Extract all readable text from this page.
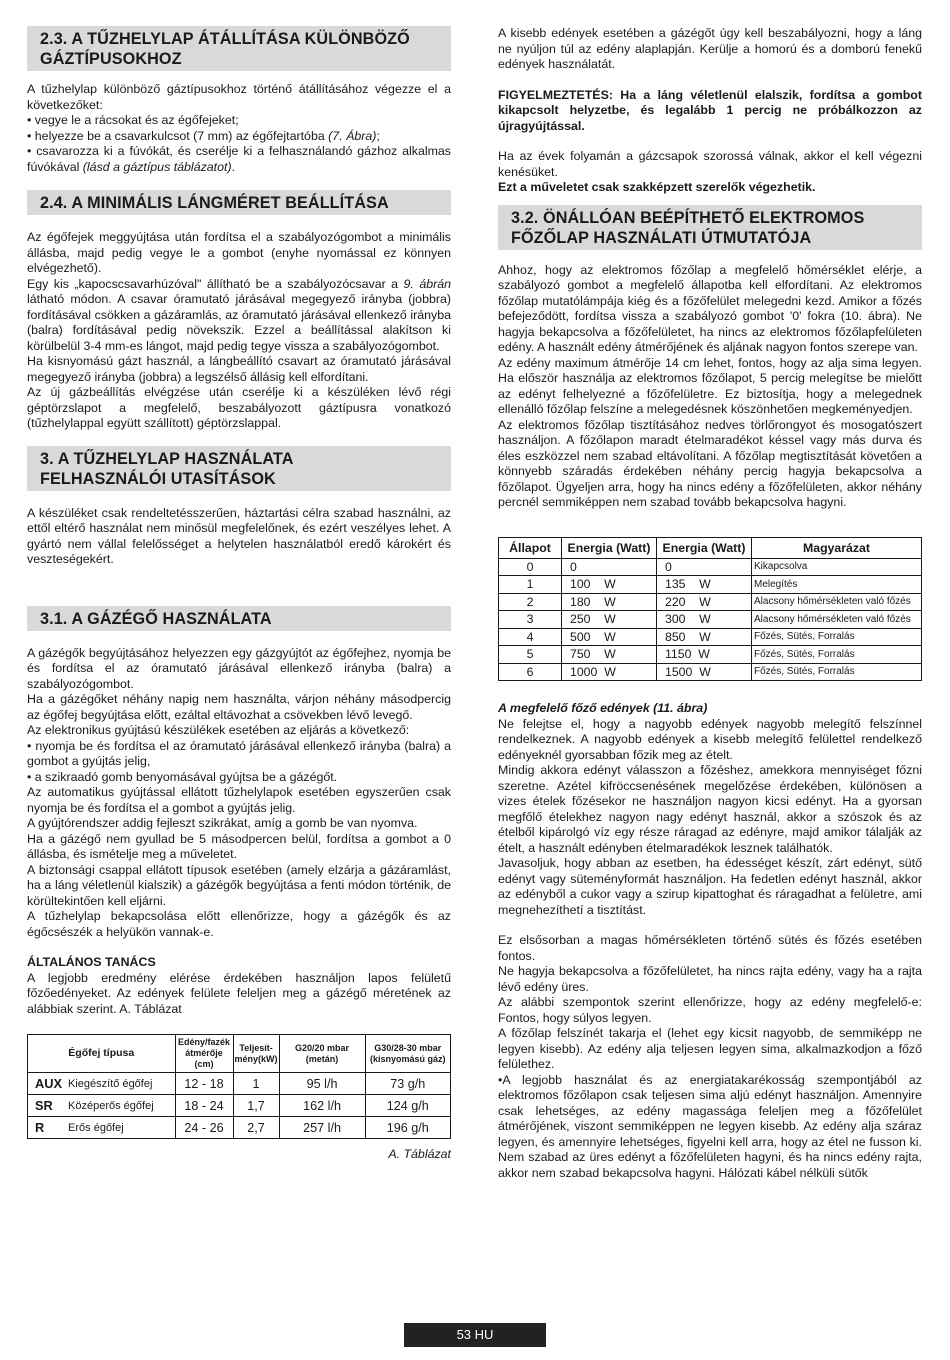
2.3. A TŰZHELYLAP ÁTÁLLÍTÁSA KÜLÖNBÖZŐ
GÁZTÍPUSOKHOZ
A tűzhelylap különböző gáztípusokhoz történő átállításához végezze el a következőket:
• vegye le a rácsokat és az égőfejeket;
• helyezze be a csavarkulcsot (7 mm) az égőfejtartóba (7. Ábra);
• csavarozza ki a fúvókát, és cserélje ki a felhasználandó gázhoz alkalmas fúvókával (lásd a gáztípus táblázatot).
2.4. A MINIMÁLIS LÁNGMÉRET BEÁLLÍTÁSA
Az égőfejek meggyújtása után fordítsa el a szabályozógombot a minimális állásba, majd pedig vegye le a gombot (enyhe nyomással ez könnyen elvégezhető).
Egy kis „kapocscsavarhúzóval" állítható be a szabályozócsavar a 9. ábrán látható módon. A csavar óramutató járásával megegyező irányba (jobbra) fordításával csökken a gázáramlás, az óramutató járásával ellenkező irányba (balra) fordításával pedig növekszik. Ezzel a beállítással alakítson ki körülbelül 3-4 mm-es lángot, majd pedig tegye vissza a szabályozógombot.
Ha kisnyomású gázt használ, a lángbeállító csavart az óramutató járásával megegyező irányba (jobbra) a legszélső állásig kell elfordítani.
Az új gázbeállítás elvégzése után cserélje ki a készüléken lévő régi géptörzslapot a megfelelő, beszabályozott gáztípusra vonatkozó (tűzhelylappal együtt szállított) géptörzslappal.
3. A TŰZHELYLAP HASZNÁLATA
FELHASZNÁLÓI UTASÍTÁSOK
A készüléket csak rendeltetésszerűen, háztartási célra szabad használni, az ettől eltérő használat nem minősül megfelelőnek, és ezért veszélyes lehet. A gyártó nem vállal felelősséget a helytelen használatból eredő károkért és veszteségekért.
3.1. A GÁZÉGŐ HASZNÁLATA
A gázégők begyújtásához helyezzen egy gázgyújtót az égőfejhez, nyomja be és fordítsa el az óramutató járásával ellenkező irányba (balra) a szabályozógombot.
Ha a gázégőket néhány napig nem használta, várjon néhány másodpercig az égőfej begyújtása előtt, ezáltal eltávozhat a csövekben lévő levegő.
Az elektronikus gyújtású készülékek esetében az eljárás a következő:
• nyomja be és fordítsa el az óramutató járásával ellenkező irányba (balra) a gombot a gyújtás jelig,
• a szikraadó gomb benyomásával gyújtsa be a gázégőt.
Az automatikus gyújtással ellátott tűzhelylapok esetében egyszerűen csak nyomja be és fordítsa el a gombot a gyújtás jelig.
A gyújtórendszer addig fejleszt szikrákat, amíg a gomb be van nyomva.
Ha a gázégő nem gyullad be 5 másodpercen belül, fordítsa a gombot a 0 állásba, és ismételje meg a műveletet.
A biztonsági csappal ellátott típusok esetében (amely elzárja a gázáramlást, ha a láng véletlenül kialszik) a gázégők begyújtása a fenti módon történik, de körültekintően kell eljárni.
A tűzhelylap bekapcsolása előtt ellenőrizze, hogy a gázégők és az égőcsészék a helyükön vannak-e.
ÁLTALÁNOS TANÁCS
A legjobb eredmény elérése érdekében használjon lapos felületű főzőedényeket. Az edények felülete feleljen meg a gázégő méretének az alábbiak szerint. A. Táblázat
Égőfej típusa		Edény/fazék átmérője (cm)	Teljesít-mény(kW)	G20/20 mbar (metán)	G30/28-30 mbar (kisnyomású gáz)
AUX	Kiegészítő égőfej	12 - 18	1	95 l/h	73 g/h
SR	Középerős égőfej	18 - 24	1,7	162 l/h	124 g/h
R	Erős égőfej	24 - 26	2,7	257 l/h	196 g/h
A. Táblázat
A kisebb edények esetében a gázégőt úgy kell beszabályozni, hogy a láng ne nyúljon túl az edény alaplapján. Kerülje a homorú és a domború fenekű edények használatát.
FIGYELMEZTETÉS: Ha a láng véletlenül elalszik, fordítsa a gombot kikapcsolt helyzetbe, és legalább 1 percig ne próbálkozzon az újragyújtással.
Ha az évek folyamán a gázcsapok szorossá válnak, akkor el kell végezni kenésüket.
Ezt a műveletet csak szakképzett szerelők végezhetik.
3.2. ÖNÁLLÓAN BEÉPÍTHETŐ ELEKTROMOS
FŐZŐLAP HASZNÁLATI ÚTMUTATÓJA
Ahhoz, hogy az elektromos főzőlap a megfelelő hőmérséklet elérje, a szabályozó gombot a megfelelő állapotba kell elfordítani. Az elektromos főzőlap mutatólámpája kiég és a főzőfelület melegedni kezd. Amikor a főzés befejeződött, fordítsa vissza a szabályozó gombot '0' fokra (10. ábra). Ne hagyja bekapcsolva a főzőfelületet, ha nincs az elektromos főzőlapfelületen edény. A használt edény átmérőjének és aljának nagyon fontos szerepe van.
Az edény maximum átmérője 14 cm lehet, fontos, hogy az alja sima legyen. Ha először használja az elektromos főzőlapot, 5 percig melegítse be mielőtt az edényt felhelyezné a főzőfelületre. Ez biztosítja, hogy a melegednek ellenálló főzőlap felszíne a melegedésnek köszönhetően megkeményedjen.
Az elektromos főzőlap tisztításához nedves törlőrongyot és mosogatószert használjon. A főzőlapon maradt ételmaradékot késsel vagy más durva és éles eszközzel nem szabad eltávolítani. A főzőlap megtisztítását követően a könnyebb száradás érdekében néhány percig hagyja bekapcsolva a főzőlapot. Ügyeljen arra, hogy ha nincs edény a főzőfelületen, akkor néhány percnél semmiképpen nem szabad tovább bekapcsolva hagyni.
Állapot	Energia (Watt)	Energia (Watt)	Magyarázat
0	0	0	Kikapcsolva
1	100    W	135    W	Melegítés
2	180    W	220    W	Alacsony hőmérsékleten való főzés
3	250    W	300    W	Alacsony hőmérsékleten való főzés
4	500    W	850    W	Főzés, Sütés, Forralás
5	750    W	1150  W	Főzés, Sütés, Forralás
6	1000  W	1500  W	Főzés, Sütés, Forralás
A megfelelő főző edények (11. ábra)
Ne felejtse el, hogy a nagyobb edények nagyobb melegítő felszínnel rendelkeznek. A nagyobb edények a kisebb melegítő felülettel rendelkező edényeknél gyorsabban főzik meg az ételt.
Mindig akkora edényt válasszon a főzéshez, amekkora mennyiséget főzni szeretne. Azétel kifröccsenésének megelőzése érdekében, különösen a vizes ételek főzésekor ne használjon nagyon kicsi edényt. Ha a gyorsan megfőlő ételekhez nagyon nagy edényt használ, akkor a szószok és az ételből kipárolgó víz egy része ráragad az edényre, majd amikor tálalják az ételt, a használt edényben ételmaradékok lesznek találhatók.
Javasoljuk, hogy abban az esetben, ha édességet készít, zárt edényt, sütő edényt vagy süteményformát használjon. Ha fedetlen edényt használ, akkor az edényből a cukor vagy a szirup kipattoghat és ráragadhat a felületre, ami megnehezíthetí a tisztítást.
Ez elsősorban a magas hőmérsékleten történő sütés és főzés esetében fontos.
Ne hagyja bekapcsolva a főzőfelületet, ha nincs rajta edény, vagy ha a rajta lévő edény üres.
Az alábbi szempontok szerint ellenőrizze, hogy az edény megfelelő-e: Fontos, hogy súlyos legyen.
A főzőlap felszínét takarja el (lehet egy kicsit nagyobb, de semmiképp ne legyen kisebb). Az edény alja teljesen legyen sima, alkalmazkodjon a főző felülethez.
•A legjobb használat és az energiatakarékosság szempontjából az elektromos főzőlapon csak teljesen sima aljú edényt használjon. Amennyire csak lehetséges, az edény magassága feleljen meg a főzőfelület átmérőjének, viszont semmiképpen ne legyen kisebb. Az edény alja száraz legyen, és amennyire lehetséges, figyelni kell arra, hogy az étel ne fusson ki. Nem szabad az üres edényt a főzőfelületen hagyni, és ha nincs edény rajta, akkor nem szabad bekapcsolva hagyni. Hálózati kábel nélküli sütők
53 HU
